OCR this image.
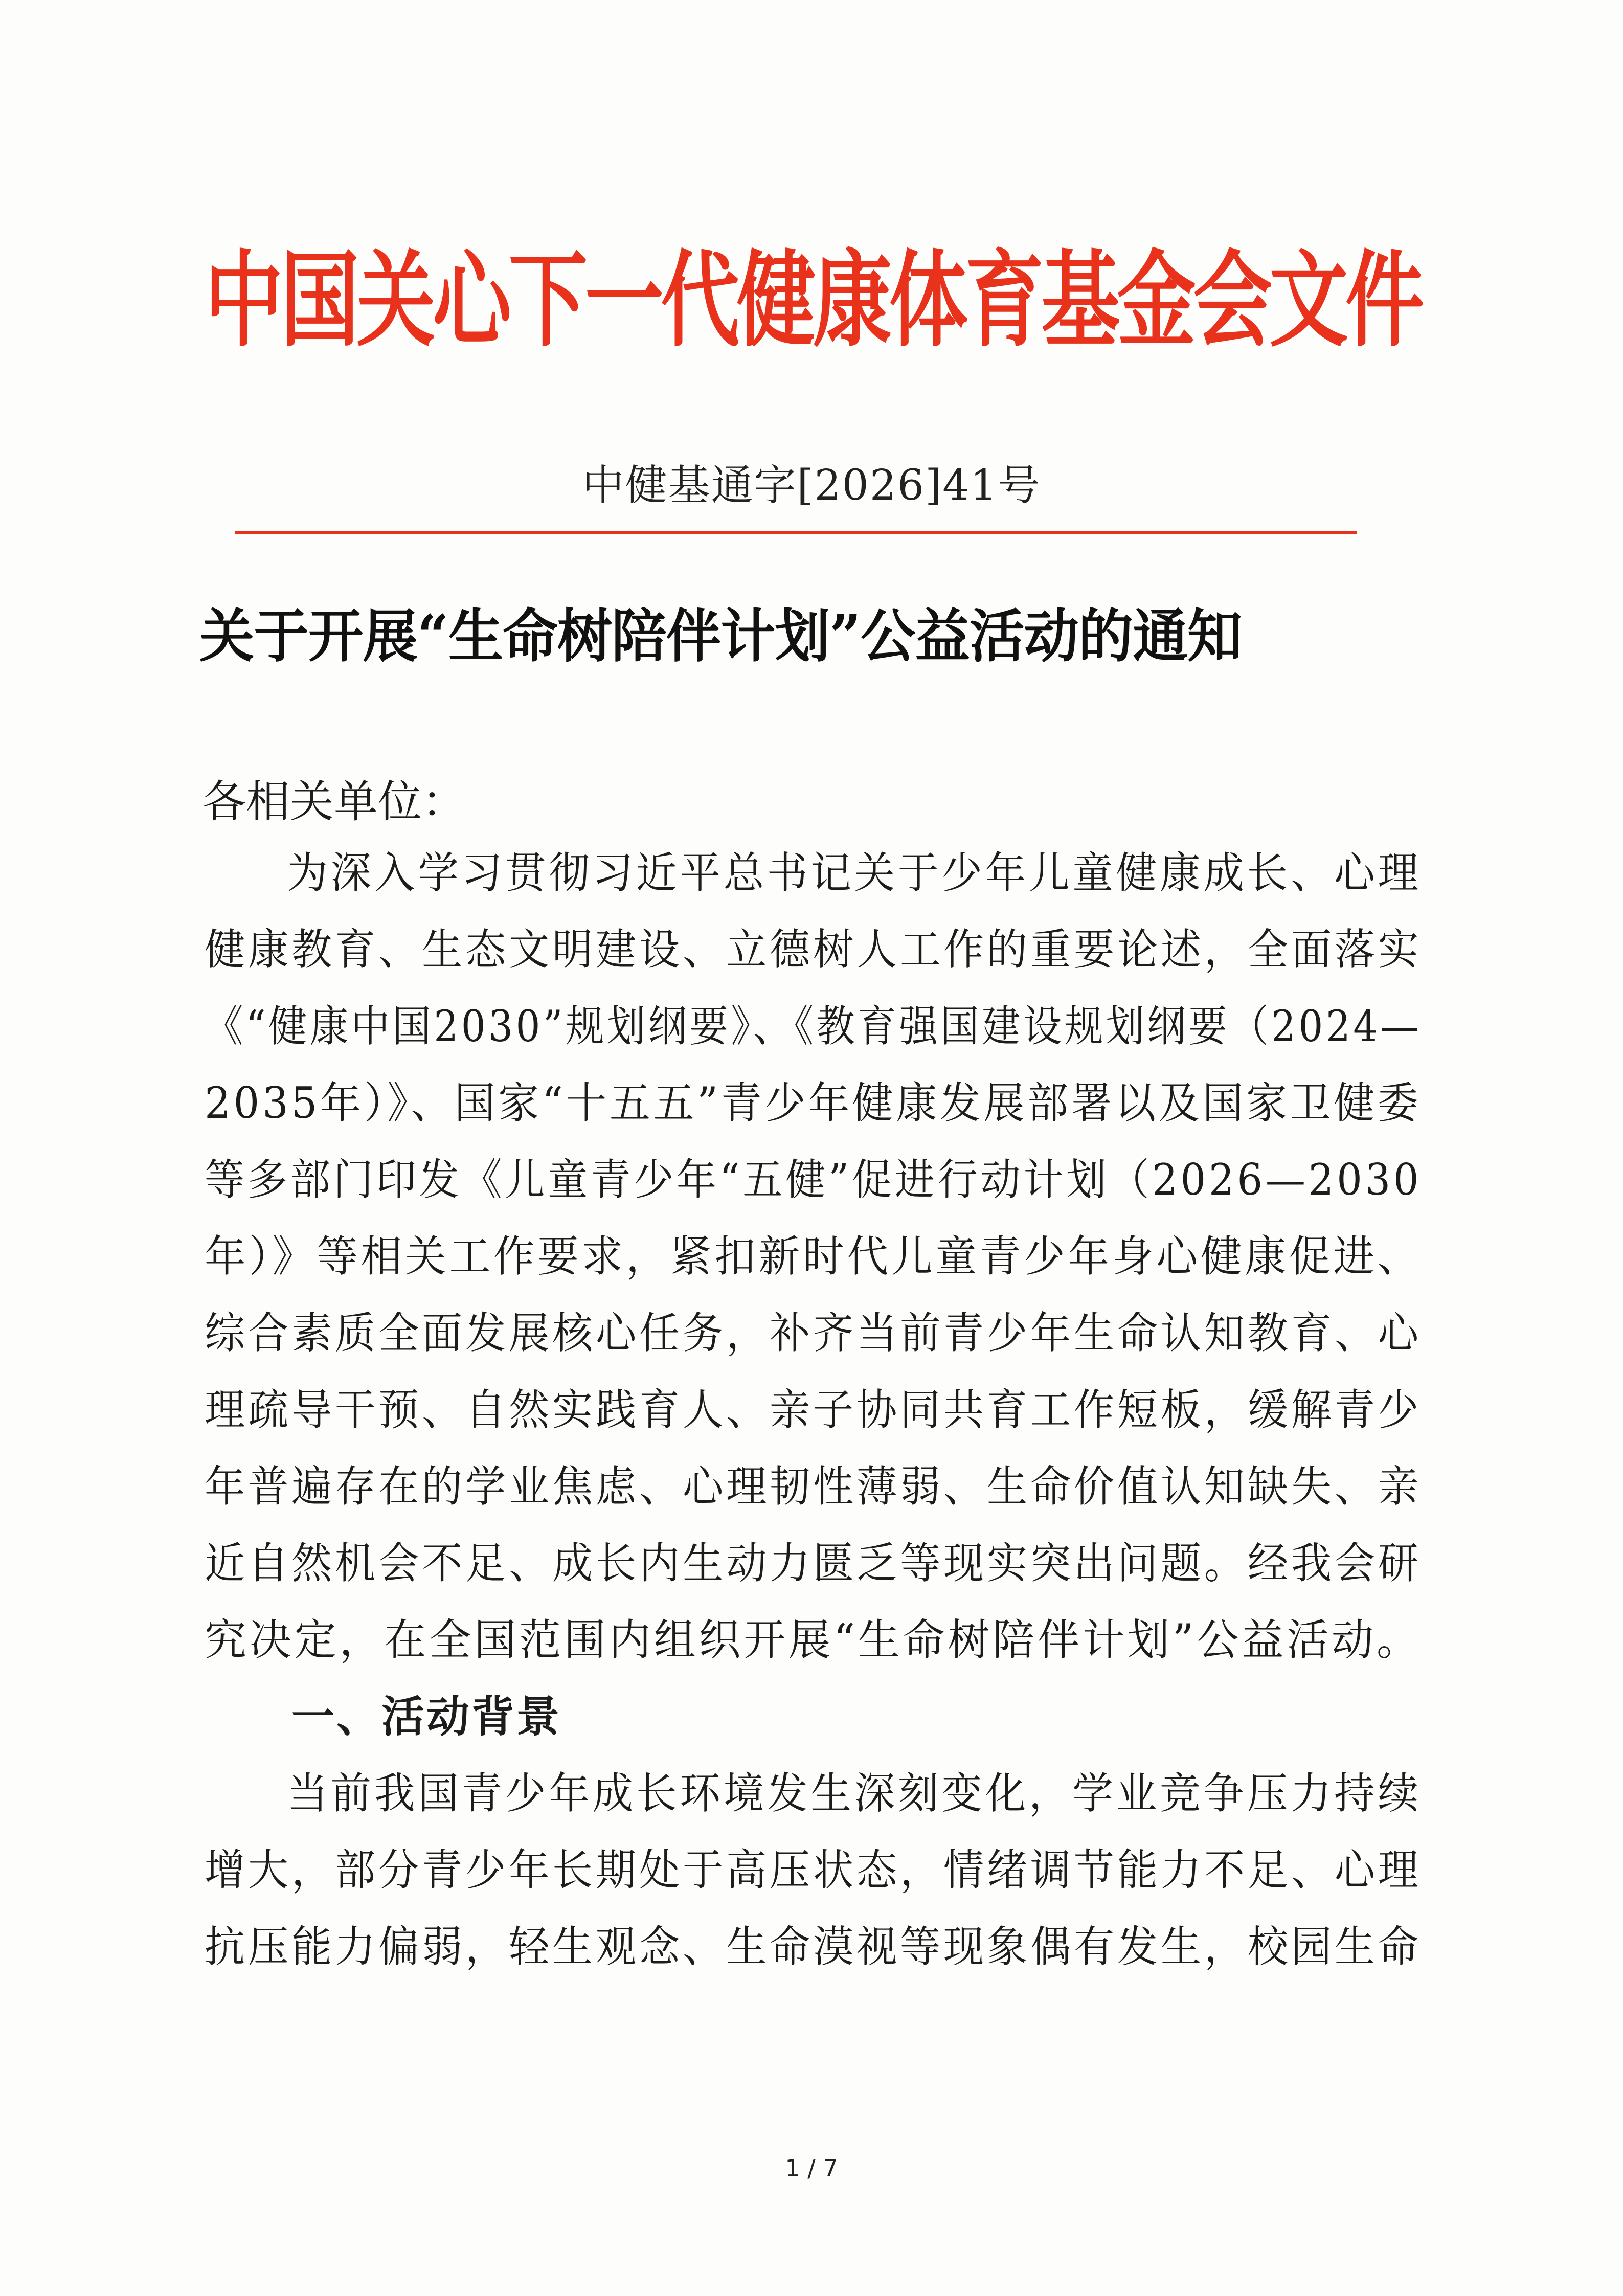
中国关心下一代健康体育基金会文件
中健基通字[2026]41号
关于开展“生命树陪伴计划”公益活动的通知
各相关单位：
为深入学习贯彻习近平总书记关于少年儿童健康成长、心理
健康教育、生态文明建设、立德树人工作的重要论述，全面落实
《“健康中国2030”规划纲要》、《教育强国建设规划纲要（2024—
2035年）》、国家“十五五”青少年健康发展部署以及国家卫健委
等多部门印发《儿童青少年“五健”促进行动计划（2026—2030
年）》等相关工作要求，紧扣新时代儿童青少年身心健康促进、
综合素质全面发展核心任务，补齐当前青少年生命认知教育、心
理疏导干预、自然实践育人、亲子协同共育工作短板，缓解青少
年普遍存在的学业焦虑、心理韧性薄弱、生命价值认知缺失、亲
近自然机会不足、成长内生动力匮乏等现实突出问题。经我会研
究决定，在全国范围内组织开展“生命树陪伴计划”公益活动。
一、活动背景
当前我国青少年成长环境发生深刻变化，学业竞争压力持续
增大，部分青少年长期处于高压状态，情绪调节能力不足、心理
抗压能力偏弱，轻生观念、生命漠视等现象偶有发生，校园生命
1 / 7
